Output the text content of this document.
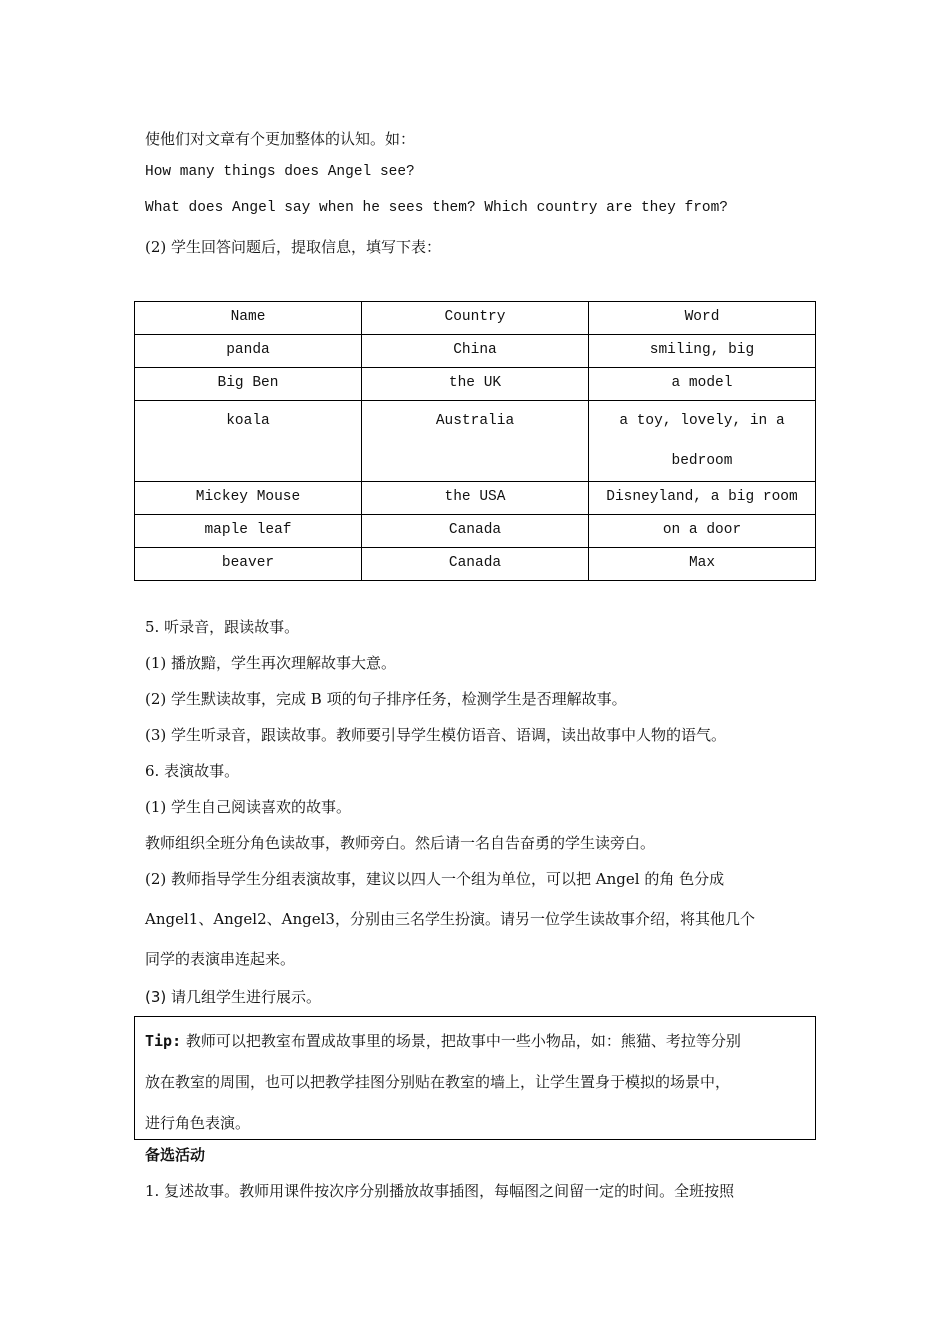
使他们对文章有个更加整体的认知。如：
How many things does Angel see?
What does Angel say when he sees them? Which country are they from?
(2) 学生回答问题后，提取信息，填写下表：
Name	Country	Word
panda	China	smiling, big
Big Ben	the UK	a model
koala	Australia	a toy, lovely, in a
bedroom

Mickey Mouse	the USA	Disneyland, a big room
maple leaf	Canada	on a door
beaver	Canada	Max
5. 听录音，跟读故事。
(1) 播放黯，学生再次理解故事大意。
(2) 学生默读故事，完成 B 项的句子排序任务，检测学生是否理解故事。
(3) 学生听录音，跟读故事。教师要引导学生模仿语音、语调，读出故事中人物的语气。
6. 表演故事。
(1) 学生自己阅读喜欢的故事。
教师组织全班分角色读故事，教师旁白。然后请一名自告奋勇的学生读旁白。
(2) 教师指导学生分组表演故事，建议以四人一个组为单位，可以把 Angel 的角 色分成
Angel1、Angel2、Angel3，分别由三名学生扮演。请另一位学生读故事介绍，将其他几个
同学的表演串连起来。
(3) 请几组学生进行展示。
Tip: 教师可以把教室布置成故事里的场景，把故事中一些小物品，如：熊猫、考拉等分别
放在教室的周围，也可以把教学挂图分别贴在教室的墙上，让学生置身于模拟的场景中，
进行角色表演。
备选活动
1. 复述故事。教师用课件按次序分别播放故事插图，每幅图之间留一定的时间。全班按照
